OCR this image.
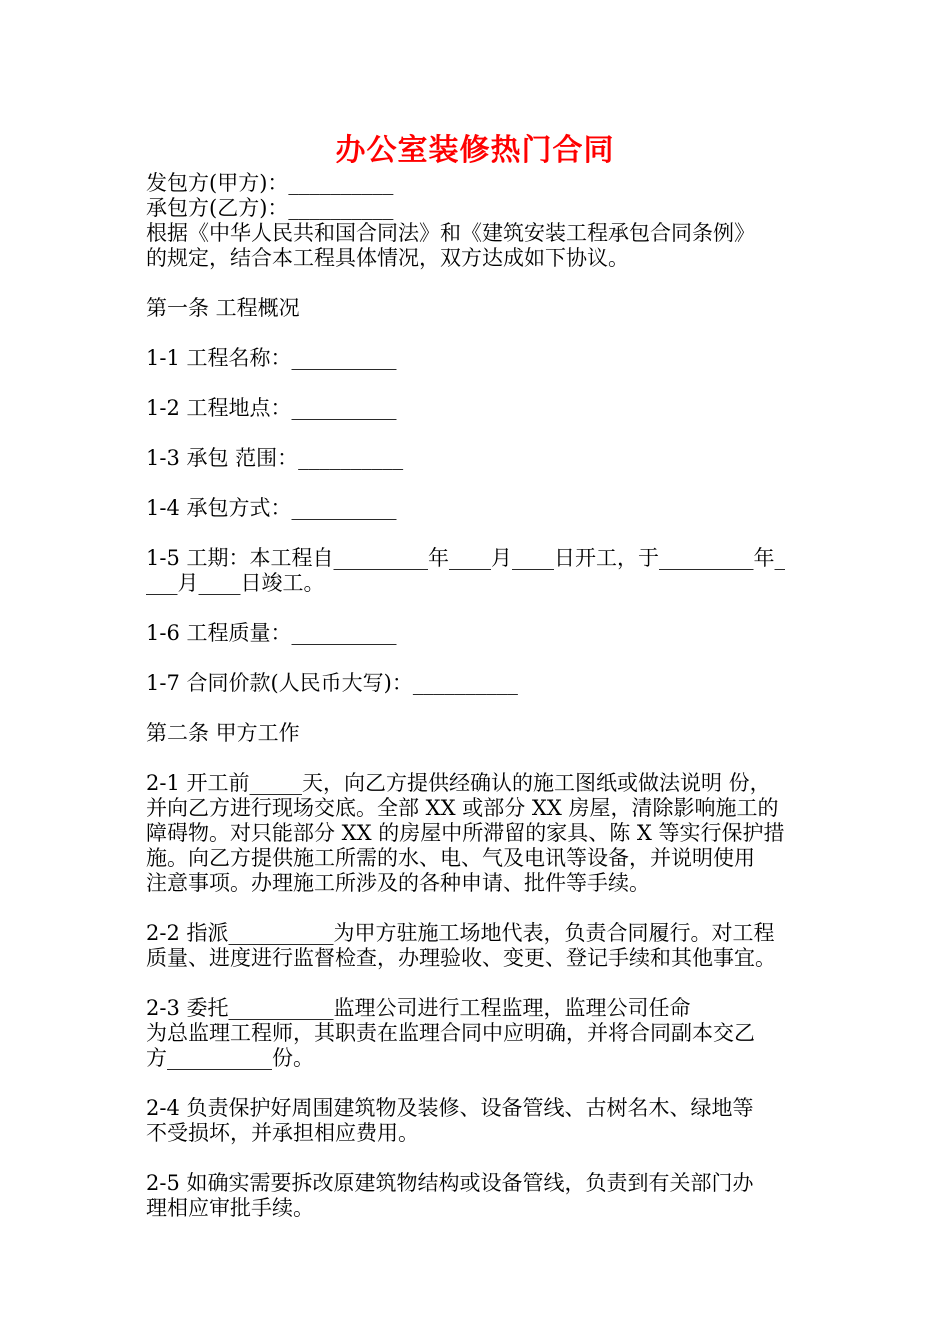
办公室装修热门合同
发包方(甲方)：__________
承包方(乙方)：__________
根据《中华人民共和国合同法》和《建筑安装工程承包合同条例》
的规定，结合本工程具体情况，双方达成如下协议。
第一条 工程概况
1-1 工程名称：__________
1-2 工程地点：__________
1-3 承包 范围：__________
1-4 承包方式：__________
1-5 工期：本工程自_________年____月____日开工，于_________年_
___月____日竣工。
1-6 工程质量：__________
1-7 合同价款(人民币大写)：__________
第二条 甲方工作
2-1 开工前_____天，向乙方提供经确认的施工图纸或做法说明 份，
并向乙方进行现场交底。全部 XX 或部分 XX 房屋，清除影响施工的
障碍物。对只能部分 XX 的房屋中所滞留的家具、陈 X 等实行保护措
施。向乙方提供施工所需的水、电、气及电讯等设备，并说明使用
注意事项。办理施工所涉及的各种申请、批件等手续。
2-2 指派__________为甲方驻施工场地代表，负责合同履行。对工程
质量、进度进行监督检查，办理验收、变更、登记手续和其他事宜。
2-3 委托__________监理公司进行工程监理，监理公司任命
为总监理工程师，其职责在监理合同中应明确，并将合同副本交乙
方__________份。
2-4 负责保护好周围建筑物及装修、设备管线、古树名木、绿地等
不受损坏，并承担相应费用。
2-5 如确实需要拆改原建筑物结构或设备管线，负责到有关部门办
理相应审批手续。
